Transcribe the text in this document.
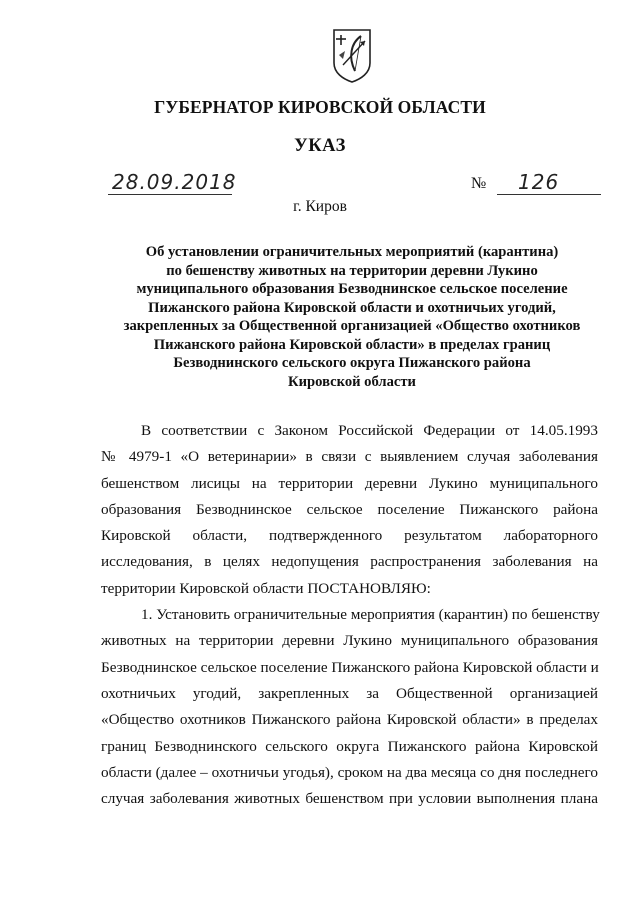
ГУБЕРНАТОР КИРОВСКОЙ ОБЛАСТИ
УКАЗ
28.09.2018	№ 126
г. Киров
Об установлении ограничительных мероприятий (карантина)
по бешенству животных на территории деревни Лукино
муниципального образования Безводнинское сельское поселение
Пижанского района Кировской области и охотничьих угодий,
закрепленных за Общественной организацией «Общество охотников
Пижанского района Кировской области» в пределах границ
Безводнинского сельского округа Пижанского района
Кировской области
В соответствии с Законом Российской Федерации от 14.05.1993
№ 4979-1 «О ветеринарии» в связи с выявлением случая заболевания
бешенством лисицы на территории деревни Лукино муниципального
образования Безводнинское сельское поселение Пижанского района
Кировской области, подтвержденного результатом лабораторного
исследования, в целях недопущения распространения заболевания на
территории Кировской области ПОСТАНОВЛЯЮ:
1. Установить ограничительные мероприятия (карантин) по бешенству
животных на территории деревни Лукино муниципального образования
Безводнинское сельское поселение Пижанского района Кировской области и
охотничьих угодий, закрепленных за Общественной организацией
«Общество охотников Пижанского района Кировской области» в пределах
границ Безводнинского сельского округа Пижанского района Кировской
области (далее – охотничьи угодья), сроком на два месяца со дня последнего
случая заболевания животных бешенством при условии выполнения плана
